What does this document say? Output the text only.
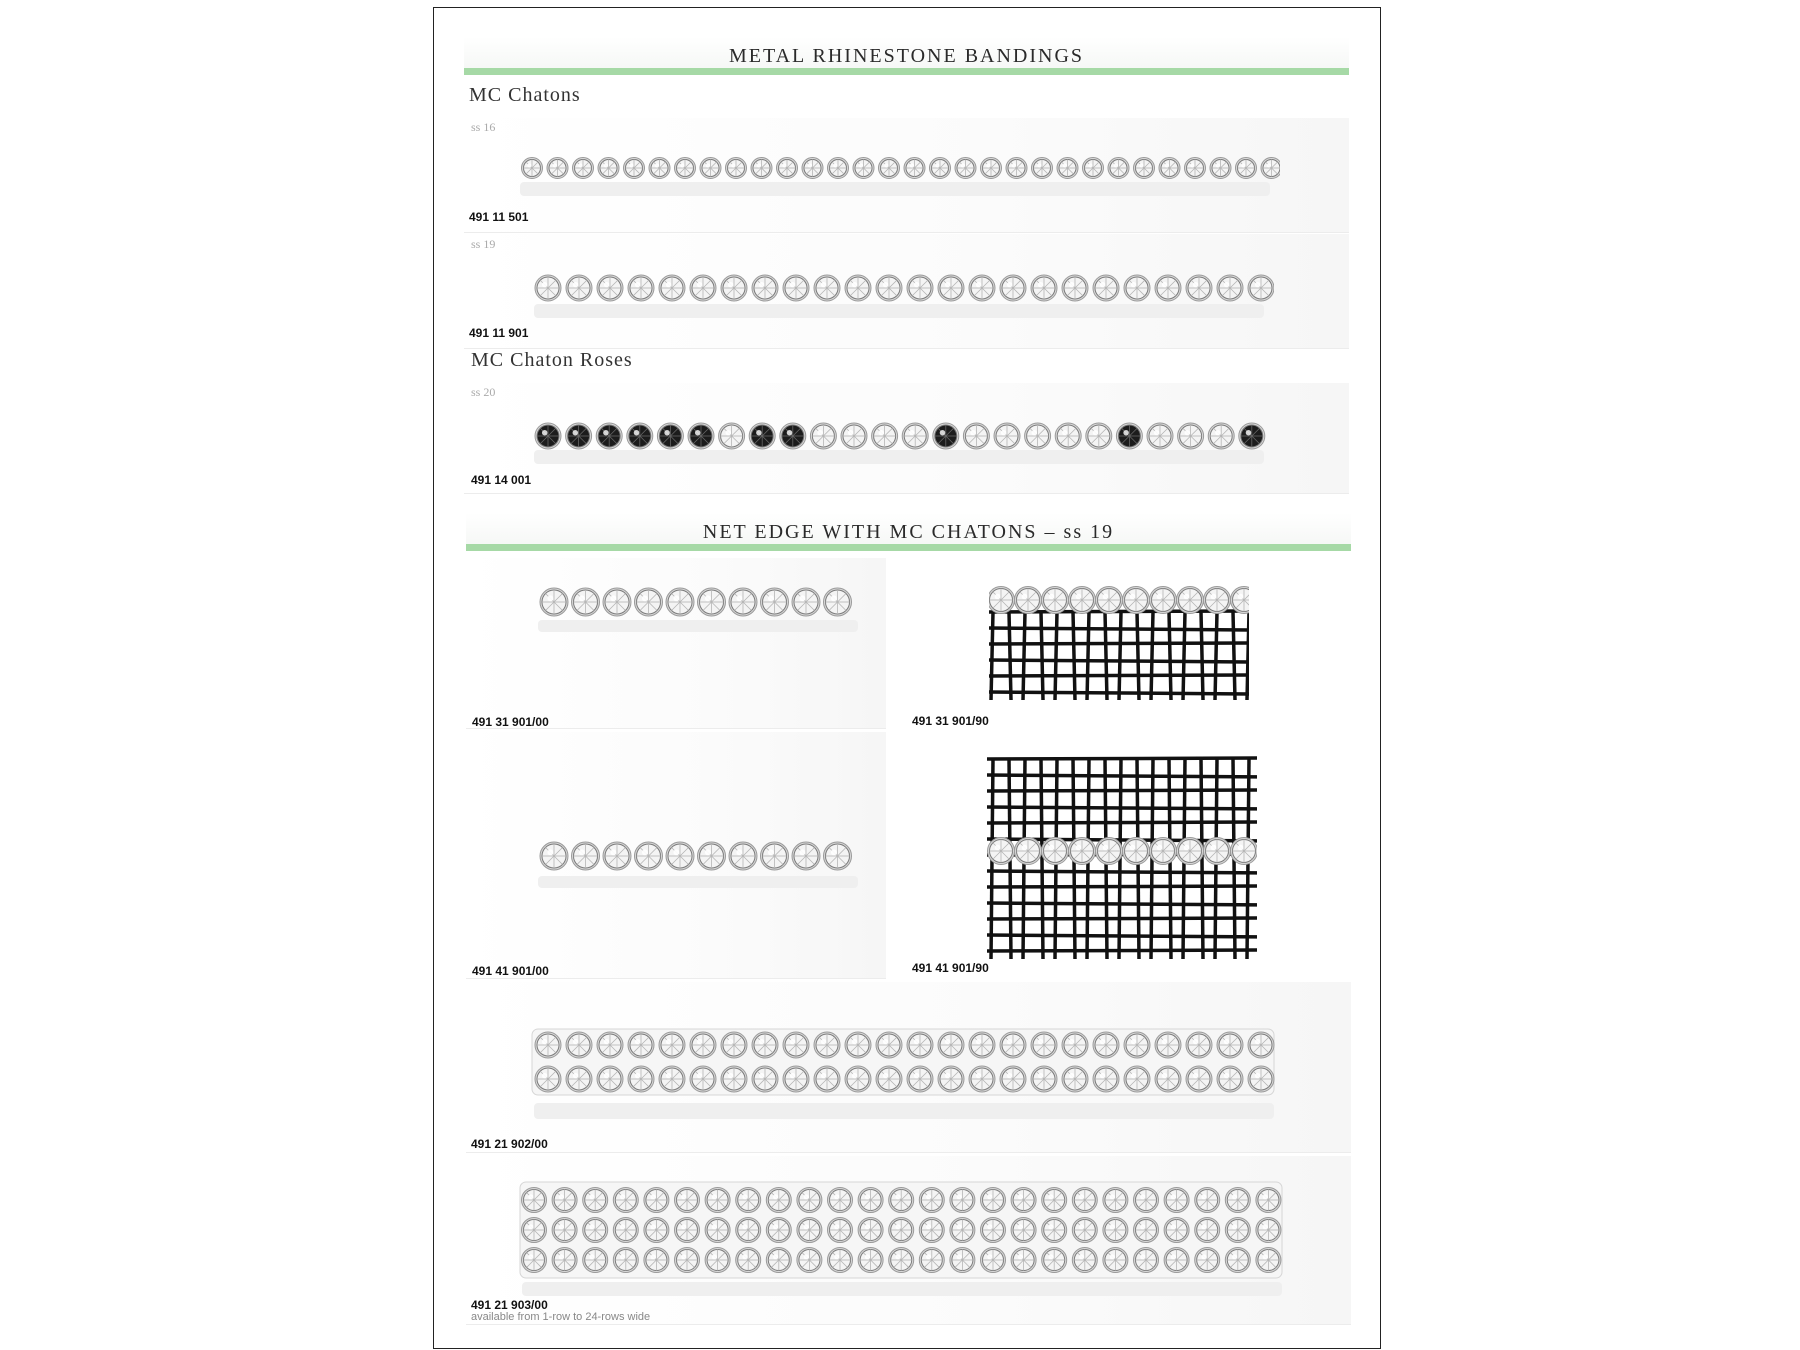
METAL RHINESTONE BANDINGS
MC Chatons
ss 16
491 11 501
ss 19
491 11 901
MC Chaton Roses
ss 20
491 14 001
NET EDGE WITH MC CHATONS – ss 19
491 31 901/00	491 31 901/90
491 41 901/00	491 41 901/90
491 21 902/00
491 21 903/00
available from 1-row to 24-rows wide
